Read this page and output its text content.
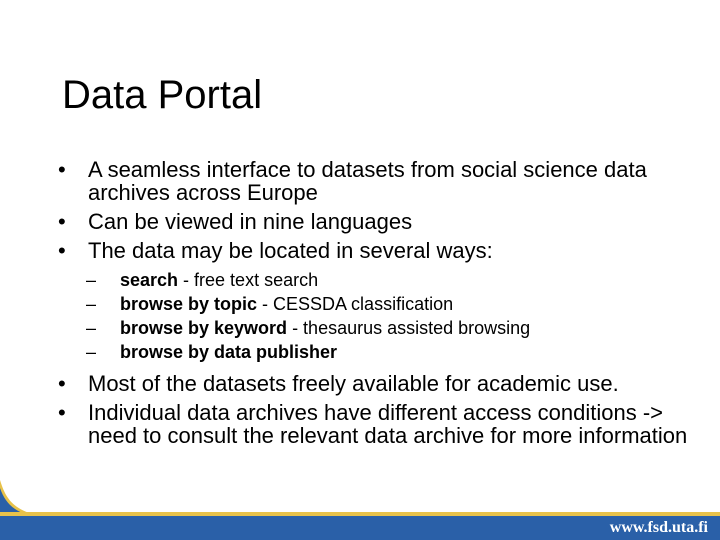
Data Portal
•	A seamless interface to datasets from social science data archives across Europe
•	Can be viewed in nine languages
•	The data may be located in several ways:
– search - free text search
– browse by topic - CESSDA classification
– browse by keyword - thesaurus assisted browsing
– browse by data publisher
•	Most of the datasets freely available for academic use.
•	Individual data archives have different access conditions -> need to consult the relevant data archive for more information
www.fsd.uta.fi
